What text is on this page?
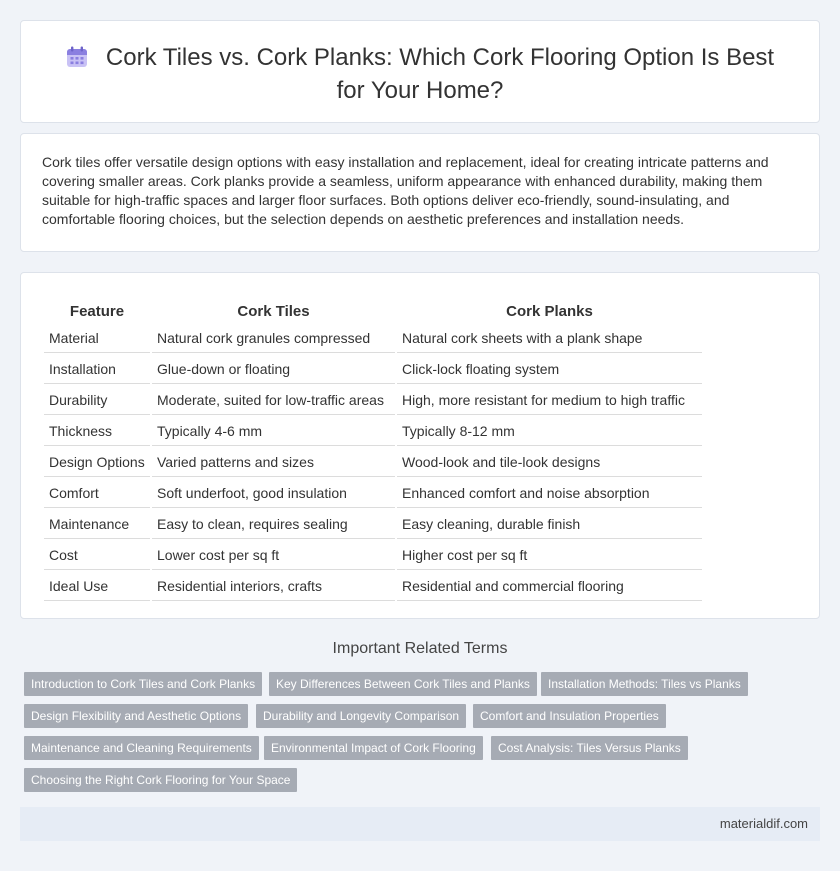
Cork Tiles vs. Cork Planks: Which Cork Flooring Option Is Best for Your Home?

Cork tiles offer versatile design options with easy installation and replacement, ideal for creating intricate patterns and covering smaller areas. Cork planks provide a seamless, uniform appearance with enhanced durability, making them suitable for high-traffic spaces and larger floor surfaces. Both options deliver eco-friendly, sound-insulating, and comfortable flooring choices, but the selection depends on aesthetic preferences and installation needs.

Feature	Cork Tiles	Cork Planks
Material	Natural cork granules compressed	Natural cork sheets with a plank shape
Installation	Glue-down or floating	Click-lock floating system
Durability	Moderate, suited for low-traffic areas	High, more resistant for medium to high traffic
Thickness	Typically 4-6 mm	Typically 8-12 mm
Design Options	Varied patterns and sizes	Wood-look and tile-look designs
Comfort	Soft underfoot, good insulation	Enhanced comfort and noise absorption
Maintenance	Easy to clean, requires sealing	Easy cleaning, durable finish
Cost	Lower cost per sq ft	Higher cost per sq ft
Ideal Use	Residential interiors, crafts	Residential and commercial flooring
Important Related Terms
Introduction to Cork Tiles and Cork Planks	Key Differences Between Cork Tiles and Planks	Installation Methods: Tiles vs Planks
Design Flexibility and Aesthetic Options	Durability and Longevity Comparison	Comfort and Insulation Properties
Maintenance and Cleaning Requirements	Environmental Impact of Cork Flooring	Cost Analysis: Tiles Versus Planks
Choosing the Right Cork Flooring for Your Space
materialdif.com
